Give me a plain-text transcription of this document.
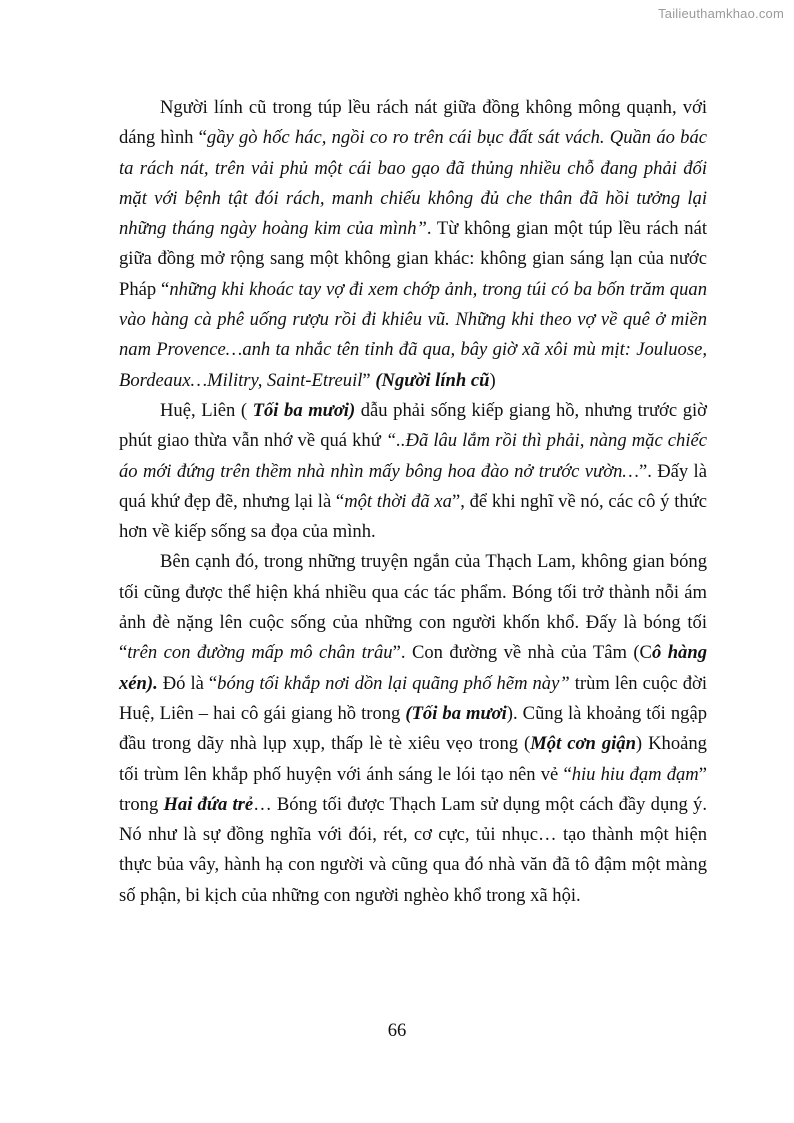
Tailieuthamkhao.com

Người lính cũ trong túp lều rách nát giữa đồng không mông quạnh, với dáng hình “gầy gò hốc hác, ngồi co ro trên cái bục đất sát vách. Quần áo bác ta rách nát, trên vải phủ một cái bao gạo đã thủng nhiều chỗ đang phải đối mặt với bệnh tật đói rách, manh chiếu không đủ che thân đã hồi tưởng lại những tháng ngày hoàng kim của mình”. Từ không gian một túp lều rách nát giữa đồng mở rộng sang một không gian khác: không gian sáng lạn của nước Pháp “những khi khoác tay vợ đi xem chớp ảnh, trong túi có ba bốn trăm quan vào hàng cà phê uống rượu rồi đi khiêu vũ. Những khi theo vợ về quê ở miền nam Provence…anh ta nhắc tên tỉnh đã qua, bây giờ xã xôi mù mịt: Jouluose, Bordeaux…Militry, Saint-Etreuil” (Người lính cũ)

Huệ, Liên ( Tối ba mươi) dẫu phải sống kiếp giang hồ, nhưng trước giờ phút giao thừa vẫn nhớ về quá khứ “..Đã lâu lắm rồi thì phải, nàng mặc chiếc áo mới đứng trên thềm nhà nhìn mấy bông hoa đào nở trước vườn…”. Đấy là quá khứ đẹp đẽ, nhưng lại là “một thời đã xa”, để khi nghĩ về nó, các cô ý thức hơn về kiếp sống sa đọa của mình.

Bên cạnh đó, trong những truyện ngắn của Thạch Lam, không gian bóng tối cũng được thể hiện khá nhiều qua các tác phẩm. Bóng tối trở thành nỗi ám ảnh đè nặng lên cuộc sống của những con người khốn khổ. Đấy là bóng tối “trên con đường mấp mô chân trâu”. Con đường về nhà của Tâm (Cô hàng xén). Đó là “bóng tối khắp nơi dồn lại quãng phố hẽm này” trùm lên cuộc đời Huệ, Liên – hai cô gái giang hồ trong (Tối ba mươi). Cũng là khoảng tối ngập đầu trong dãy nhà lụp xụp, thấp lè tè xiêu vẹo trong (Một cơn giận) Khoảng tối trùm lên khắp phố huyện với ánh sáng le lói tạo nên vẻ “hiu hiu đạm đạm” trong Hai đứa trẻ… Bóng tối được Thạch Lam sử dụng một cách đầy dụng ý. Nó như là sự đồng nghĩa với đói, rét, cơ cực, tủi nhục… tạo thành một hiện thực bủa vây, hành hạ con người và cũng qua đó nhà văn đã tô đậm một màng số phận, bi kịch của những con người nghèo khổ trong xã hội.

66
